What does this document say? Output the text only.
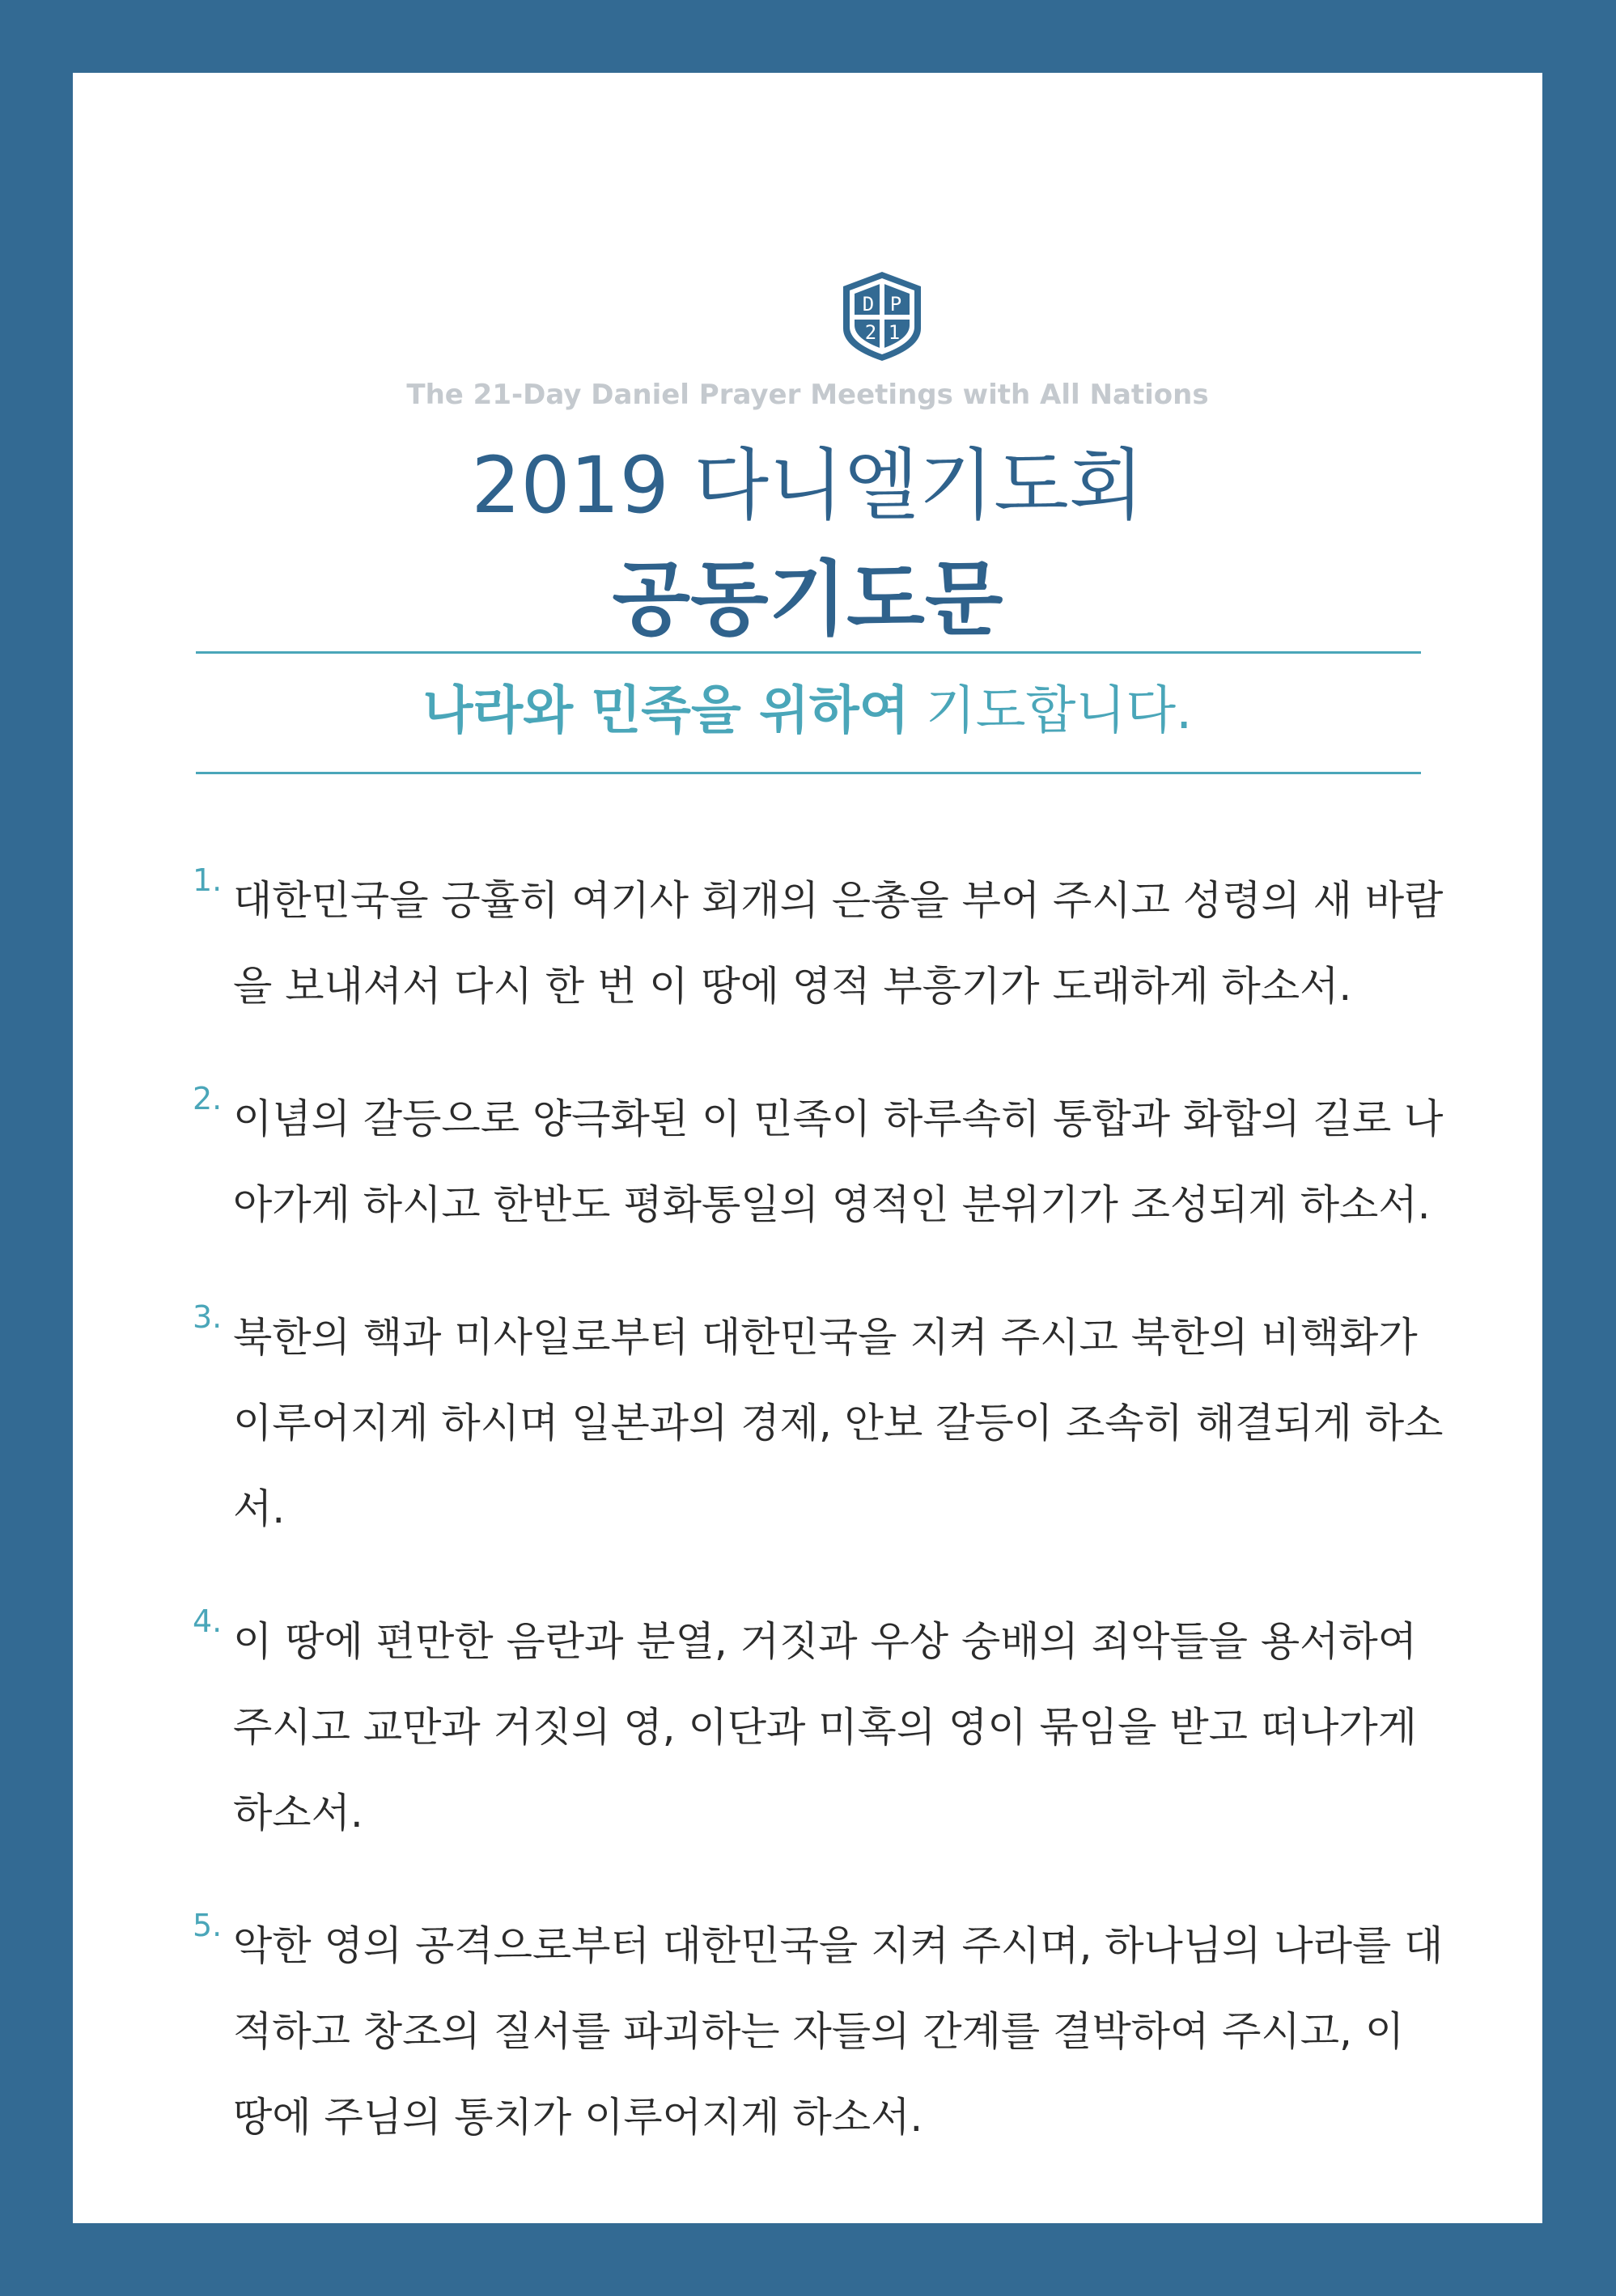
D P
2 1
The 21-Day Daniel Prayer Meetings with All Nations
2019 다니엘기도회
공동기도문
나라와 민족을 위하여 기도합니다.
1. 대한민국을 긍휼히 여기사 회개의 은총을 부어 주시고 성령의 새 바람을 보내셔서 다시 한 번 이 땅에 영적 부흥기가 도래하게 하소서.
2. 이념의 갈등으로 양극화된 이 민족이 하루속히 통합과 화합의 길로 나아가게 하시고 한반도 평화통일의 영적인 분위기가 조성되게 하소서.
3. 북한의 핵과 미사일로부터 대한민국을 지켜 주시고 북한의 비핵화가 이루어지게 하시며 일본과의 경제, 안보 갈등이 조속히 해결되게 하소서.
4. 이 땅에 편만한 음란과 분열, 거짓과 우상 숭배의 죄악들을 용서하여 주시고 교만과 거짓의 영, 이단과 미혹의 영이 묶임을 받고 떠나가게 하소서.
5. 악한 영의 공격으로부터 대한민국을 지켜 주시며, 하나님의 나라를 대적하고 창조의 질서를 파괴하는 자들의 간계를 결박하여 주시고, 이 땅에 주님의 통치가 이루어지게 하소서.
